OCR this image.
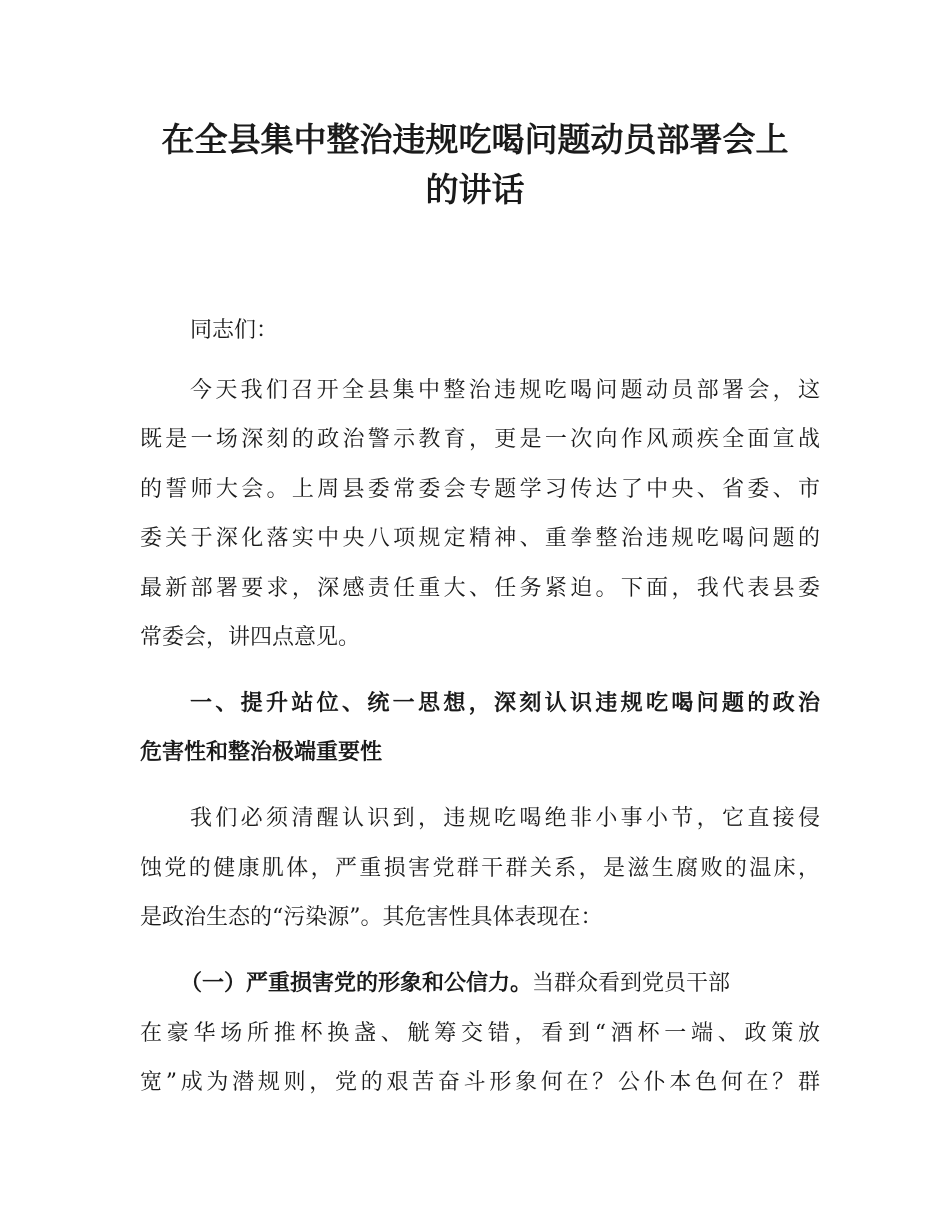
在全县集中整治违规吃喝问题动员部署会上
的讲话

同志们：

今天我们召开全县集中整治违规吃喝问题动员部署会，这

既是一场深刻的政治警示教育，更是一次向作风顽疾全面宣战

的誓师大会。上周县委常委会专题学习传达了中央、省委、市

委关于深化落实中央八项规定精神、重拳整治违规吃喝问题的

最新部署要求，深感责任重大、任务紧迫。下面，我代表县委

常委会，讲四点意见。

一、提升站位、统一思想，深刻认识违规吃喝问题的政治

危害性和整治极端重要性

我们必须清醒认识到，违规吃喝绝非小事小节，它直接侵

蚀党的健康肌体，严重损害党群干群关系，是滋生腐败的温床，

是政治生态的“污染源”。其危害性具体表现在：

（一）严重损害党的形象和公信力。当群众看到党员干部

在豪华场所推杯换盏、觥筹交错，看到“酒杯一端、政策放

宽”成为潜规则，党的艰苦奋斗形象何在？公仆本色何在？群
